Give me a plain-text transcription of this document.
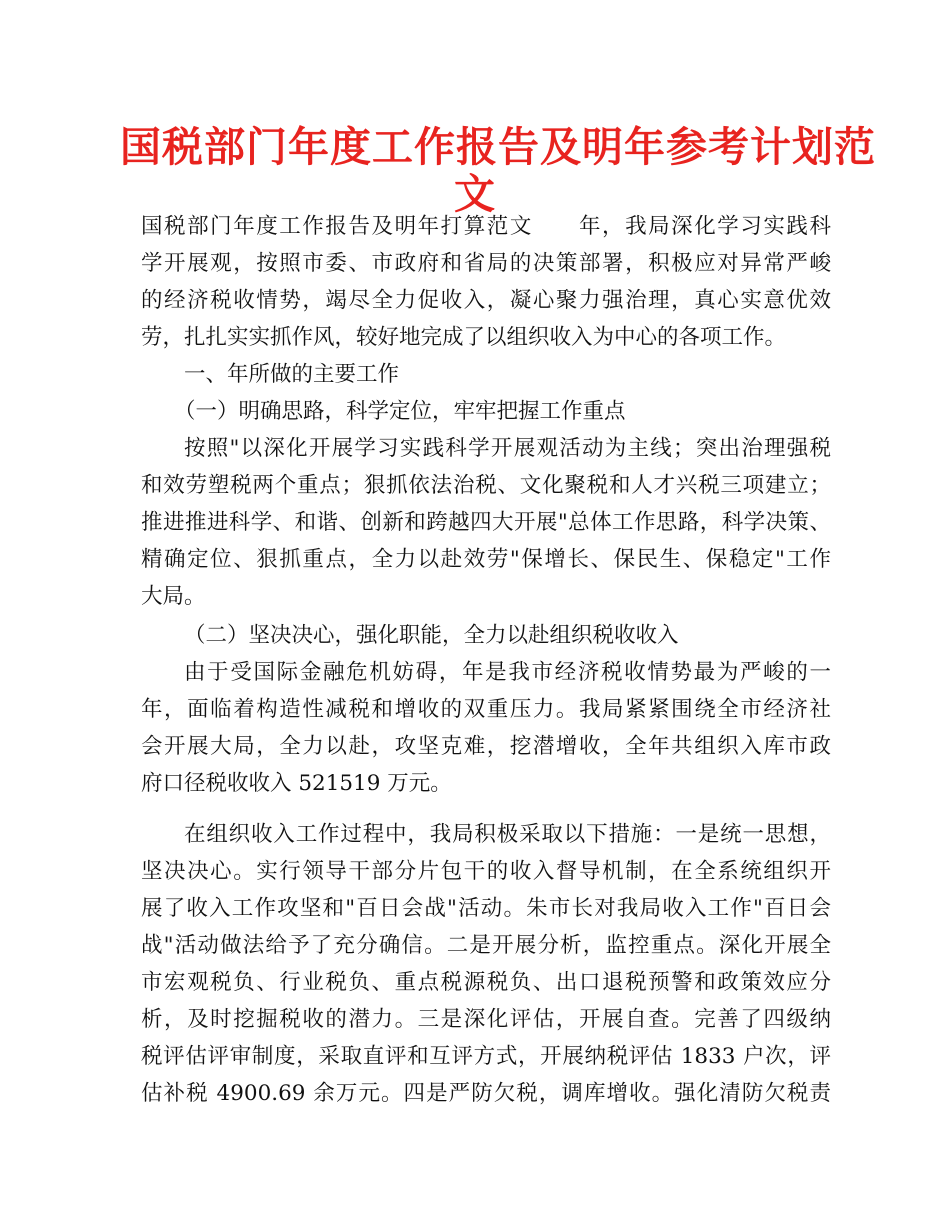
国税部门年度工作报告及明年参考计划范
文
国税部门年度工作报告及明年打算范文　　年，我局深化学习实践科
学开展观，按照市委、市政府和省局的决策部署，积极应对异常严峻
的经济税收情势，竭尽全力促收入，凝心聚力强治理，真心实意优效
劳，扎扎实实抓作风，较好地完成了以组织收入为中心的各项工作。
一、年所做的主要工作
（一）明确思路，科学定位，牢牢把握工作重点
按照"以深化开展学习实践科学开展观活动为主线；突出治理强税
和效劳塑税两个重点；狠抓依法治税、文化聚税和人才兴税三项建立；
推进推进科学、和谐、创新和跨越四大开展"总体工作思路，科学决策、
精确定位、狠抓重点，全力以赴效劳"保增长、保民生、保稳定"工作
大局。
（二）坚决决心，强化职能，全力以赴组织税收收入
由于受国际金融危机妨碍，年是我市经济税收情势最为严峻的一
年，面临着构造性减税和增收的双重压力。我局紧紧围绕全市经济社
会开展大局，全力以赴，攻坚克难，挖潜增收，全年共组织入库市政
府口径税收收入 521519 万元。
在组织收入工作过程中，我局积极采取以下措施：一是统一思想，
坚决决心。实行领导干部分片包干的收入督导机制，在全系统组织开
展了收入工作攻坚和"百日会战"活动。朱市长对我局收入工作"百日会
战"活动做法给予了充分确信。二是开展分析，监控重点。深化开展全
市宏观税负、行业税负、重点税源税负、出口退税预警和政策效应分
析，及时挖掘税收的潜力。三是深化评估，开展自查。完善了四级纳
税评估评审制度，采取直评和互评方式，开展纳税评估 1833 户次，评
估补税 4900.69 余万元。四是严防欠税，调库增收。强化清防欠税责
